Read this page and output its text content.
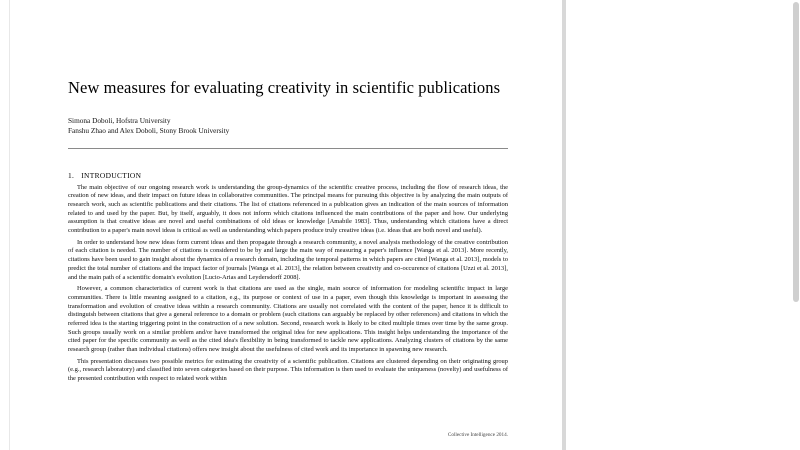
New measures for evaluating creativity in scientific publications
Simona Doboli, Hofstra University
Fanshu Zhao and Alex Doboli, Stony Brook University
1. INTRODUCTION
The main objective of our ongoing research work is understanding the group-dynamics of the scientific creative process, including the flow of research ideas, the creation of new ideas, and their impact on future ideas in collaborative communities. The principal means for pursuing this objective is by analyzing the main outputs of research work, such as scientific publications and their citations. The list of citations referenced in a publication gives an indication of the main sources of information related to and used by the paper. But, by itself, arguably, it does not inform which citations influenced the main contributions of the paper and how. Our underlying assumption is that creative ideas are novel and useful combinations of old ideas or knowledge [Amabile 1983]. Thus, understanding which citations have a direct contribution to a paper's main novel ideas is critical as well as understanding which papers produce truly creative ideas (i.e. ideas that are both novel and useful).
In order to understand how new ideas form current ideas and then propagate through a research community, a novel analysis methodology of the creative contribution of each citation is needed. The number of citations is considered to be by and large the main way of measuring a paper's influence [Wanga et al. 2013]. More recently, citations have been used to gain insight about the dynamics of a research domain, including the temporal patterns in which papers are cited [Wanga et al. 2013], models to predict the total number of citations and the impact factor of journals [Wanga et al. 2013], the relation between creativity and co-occurence of citations [Uzzi et al. 2013], and the main path of a scientific domain's evolution [Lucio-Arias and Leydersdorff 2008].
However, a common characteristics of current work is that citations are used as the single, main source of information for modeling scientific impact in large communities. There is little meaning assigned to a citation, e.g., its purpose or context of use in a paper, even though this knowledge is important in assessing the transformation and evolution of creative ideas within a research community. Citations are usually not correlated with the content of the paper, hence it is difficult to distinguish between citations that give a general reference to a domain or problem (such citations can arguably be replaced by other references) and citations in which the referred idea is the starting triggering point in the construction of a new solution. Second, research work is likely to be cited multiple times over time by the same group. Such groups usually work on a similar problem and/or have transformed the original idea for new applications. This insight helps understanding the importance of the cited paper for the specific community as well as the cited idea's flexibility in being transformed to tackle new applications. Analyzing clusters of citations by the same research group (rather than individual citations) offers new insight about the usefulness of cited work and its importance in spawning new research.
This presentation discusses two possible metrics for estimating the creativity of a scientific publication. Citations are clustered depending on their originating group (e.g., research laboratory) and classified into seven categories based on their purpose. This information is then used to evaluate the uniqueness (novelty) and usefulness of the presented contribution with respect to related work within
Collective Intelligence 2014.
